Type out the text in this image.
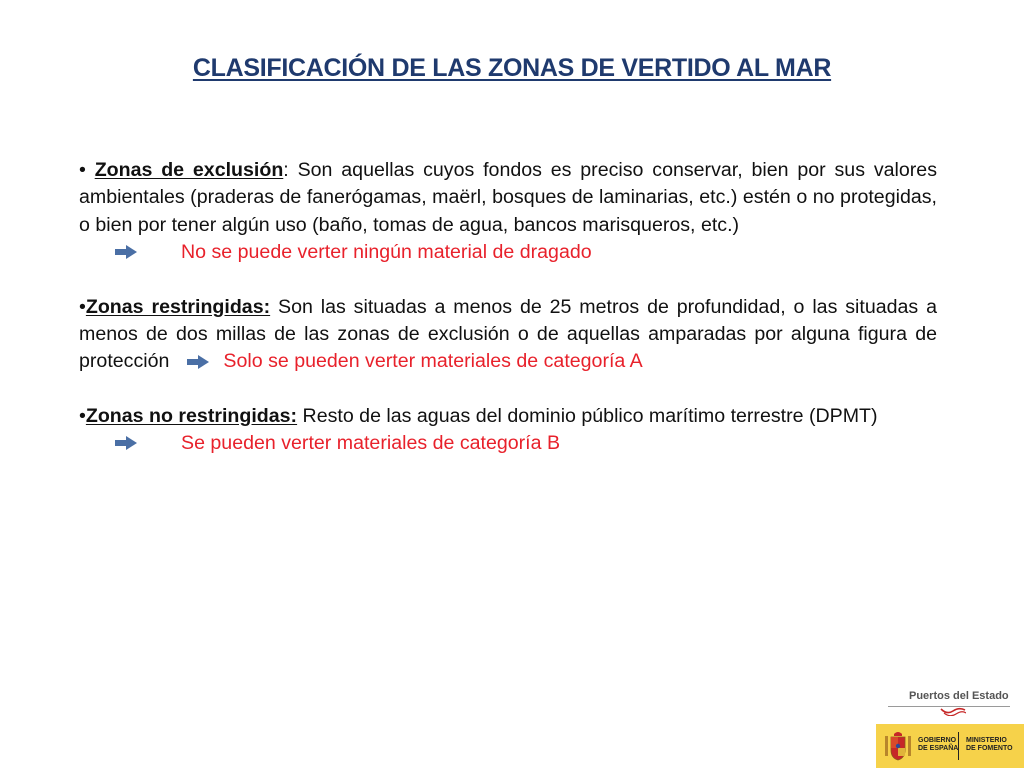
CLASIFICACIÓN DE LAS ZONAS DE VERTIDO AL MAR

• Zonas de exclusión: Son aquellas cuyos fondos es preciso conservar, bien por sus valores ambientales (praderas de fanerógamas, maërl, bosques de laminarias, etc.) estén o no protegidas, o bien por tener algún uso (baño, tomas de agua, bancos marisqueros, etc.)
No se puede verter ningún material de dragado

•Zonas restringidas: Son las situadas a menos de 25 metros de profundidad, o las situadas a menos de dos millas de las zonas de exclusión o de aquellas amparadas por alguna figura de protección	Solo se pueden verter materiales de categoría A

•Zonas no restringidas: Resto de las aguas del dominio público marítimo terrestre (DPMT)
Se pueden verter materiales de categoría B

Puertos del Estado
GOBIERNO
DE ESPAÑA
MINISTERIO
DE FOMENTO
